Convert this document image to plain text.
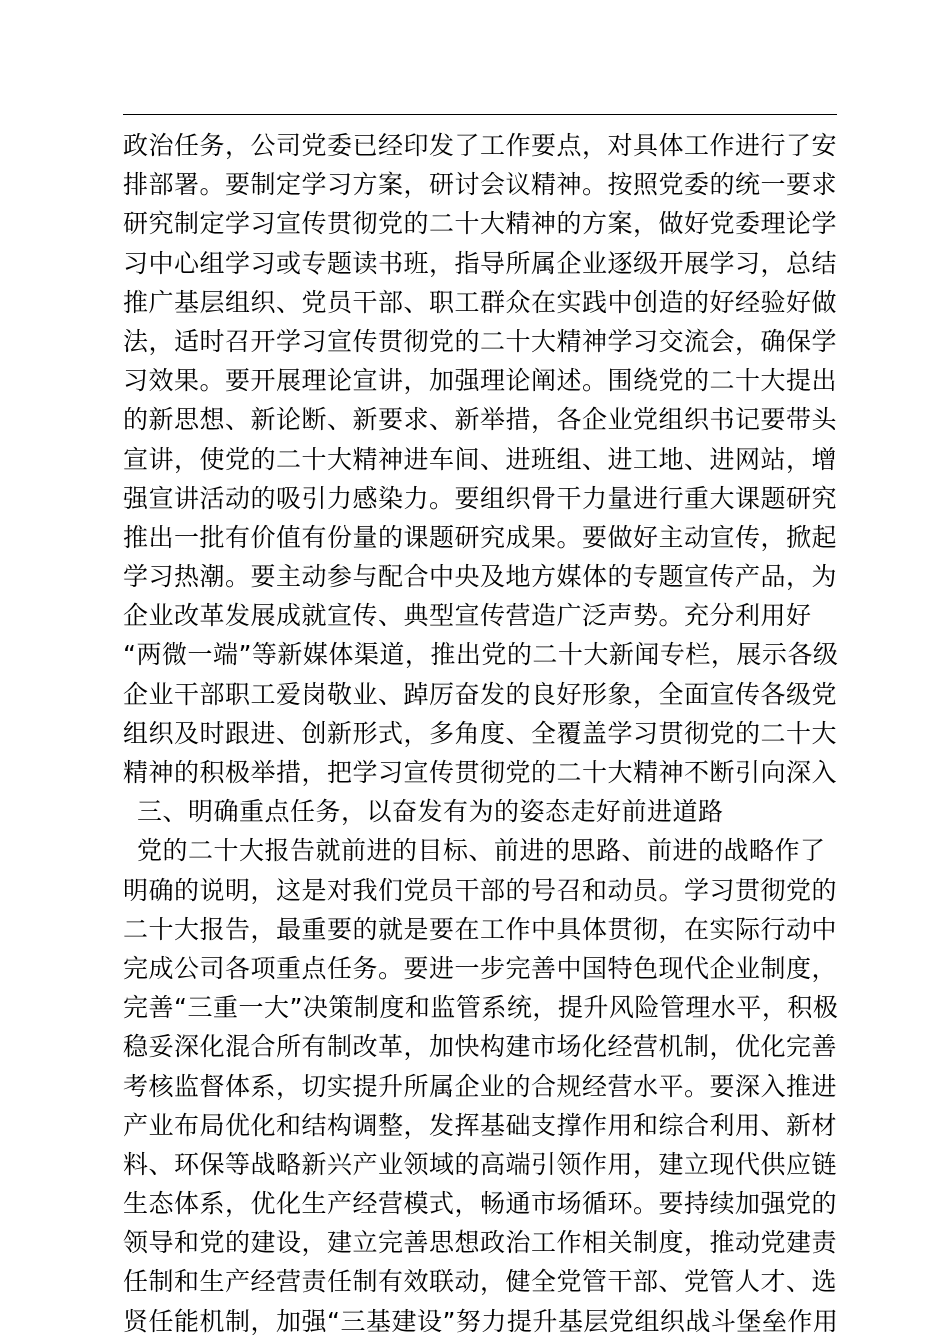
政治任务，公司党委已经印发了工作要点，对具体工作进行了安
排部署。要制定学习方案，研讨会议精神。按照党委的统一要求
研究制定学习宣传贯彻党的二十大精神的方案，做好党委理论学
习中心组学习或专题读书班，指导所属企业逐级开展学习，总结
推广基层组织、党员干部、职工群众在实践中创造的好经验好做
法，适时召开学习宣传贯彻党的二十大精神学习交流会，确保学
习效果。要开展理论宣讲，加强理论阐述。围绕党的二十大提出
的新思想、新论断、新要求、新举措，各企业党组织书记要带头
宣讲，使党的二十大精神进车间、进班组、进工地、进网站，增
强宣讲活动的吸引力感染力。要组织骨干力量进行重大课题研究
推出一批有价值有份量的课题研究成果。要做好主动宣传，掀起
学习热潮。要主动参与配合中央及地方媒体的专题宣传产品，为
企业改革发展成就宣传、典型宣传营造广泛声势。充分利用好
“两微一端”等新媒体渠道，推出党的二十大新闻专栏，展示各级
企业干部职工爱岗敬业、踔厉奋发的良好形象，全面宣传各级党
组织及时跟进、创新形式，多角度、全覆盖学习贯彻党的二十大
精神的积极举措，把学习宣传贯彻党的二十大精神不断引向深入
三、明确重点任务，以奋发有为的姿态走好前进道路
党的二十大报告就前进的目标、前进的思路、前进的战略作了
明确的说明，这是对我们党员干部的号召和动员。学习贯彻党的
二十大报告，最重要的就是要在工作中具体贯彻，在实际行动中
完成公司各项重点任务。要进一步完善中国特色现代企业制度，
完善“三重一大”决策制度和监管系统，提升风险管理水平，积极
稳妥深化混合所有制改革，加快构建市场化经营机制，优化完善
考核监督体系，切实提升所属企业的合规经营水平。要深入推进
产业布局优化和结构调整，发挥基础支撑作用和综合利用、新材
料、环保等战略新兴产业领域的高端引领作用，建立现代供应链
生态体系，优化生产经营模式，畅通市场循环。要持续加强党的
领导和党的建设，建立完善思想政治工作相关制度，推动党建责
任制和生产经营责任制有效联动，健全党管干部、党管人才、选
贤任能机制，加强“三基建设”努力提升基层党组织战斗堡垒作用
